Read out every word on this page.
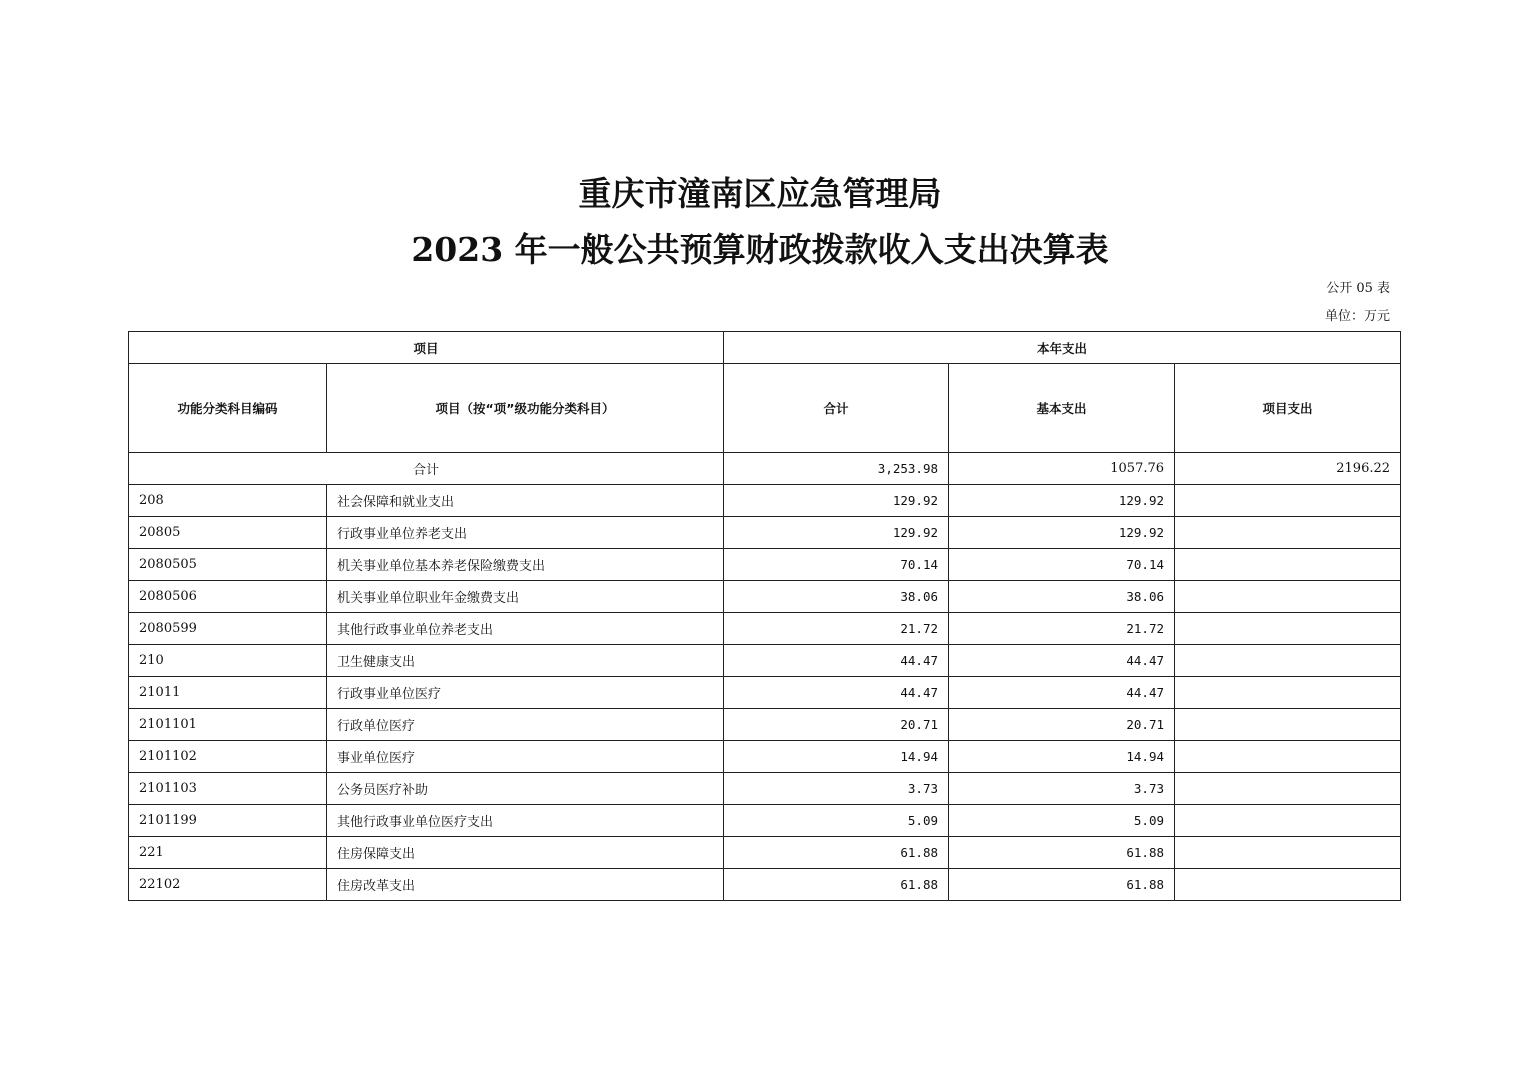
重庆市潼南区应急管理局
2023 年一般公共预算财政拨款收入支出决算表
公开 05 表
单位：万元
项目		本年支出		
功能分类科目编码	项目（按“项”级功能分类科目）	合计	基本支出	项目支出
合计		3,253.98	1057.76	2196.22
208	社会保障和就业支出	129.92	129.92	
20805	行政事业单位养老支出	129.92	129.92	
2080505	机关事业单位基本养老保险缴费支出	70.14	70.14	
2080506	机关事业单位职业年金缴费支出	38.06	38.06	
2080599	其他行政事业单位养老支出	21.72	21.72	
210	卫生健康支出	44.47	44.47	
21011	行政事业单位医疗	44.47	44.47	
2101101	行政单位医疗	20.71	20.71	
2101102	事业单位医疗	14.94	14.94	
2101103	公务员医疗补助	3.73	3.73	
2101199	其他行政事业单位医疗支出	5.09	5.09	
221	住房保障支出	61.88	61.88	
22102	住房改革支出	61.88	61.88	
